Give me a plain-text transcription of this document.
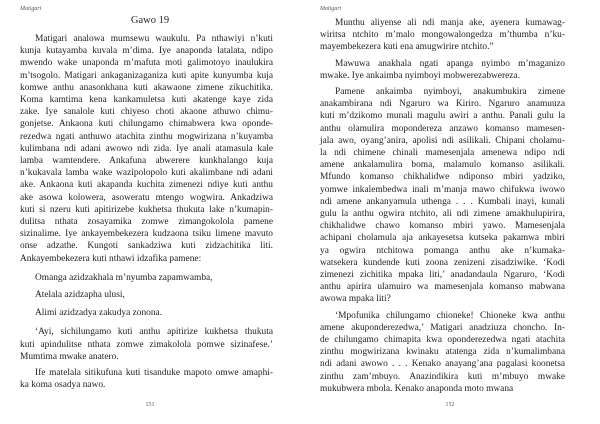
Matigari
Gawo 19
Matigari analowa mumsewu waukulu. Pa nthawiyi n’kuti
kunja kutayamba kuvala m’dima. Iye anaponda latalata, ndipo
mwendo wake unaponda m’mafuta moti galimotoyo inaulukira
m’tsogolo. Matigari ankaganizaganiza kuti apite kunyumba kuja
komwe anthu anasonkhana kuti akawaone zimene zikuchitika.
Koma kamtima kena kankamuletsa kuti akatenge kaye zida
zake. Iye sanalole kuti chiyeso choti akaone athuwo chimu-
gonjetse. Ankaona kuti chilungamo chimabwera kwa oponde-
rezedwa ngati anthuwo atachita zinthu mogwirizana n’kuyamba
kulimbana ndi adani awowo ndi zida. Iye anali atamasula kale
lamba wamtendere. Ankafuna abwerere kunkhalango kuja
n’kukavala lamba wake wazipolopolo kuti akalimbane ndi adani
ake. Ankaona kuti akapanda kuchita zimenezi ndiye kuti anthu
ake asowa kolowera, asoweratu mtengo wogwira. Ankadziwa
kuti si nzeru kuti apitirizebe kukhetsa thukuta lake n’kumapin-
dulitsa nthata zosayamika zomwe zimangokolola pamene
sizinalime. Iye ankayembekezera kudzaona tsiku limene mavuto
onse adzathe. Kungoti sankadziwa kuti zidzachitika liti.
Ankayembekezera kuti nthawi idzafika pamene:
Omanga azidzakhala m’nyumba zapamwamba,
Atelala azidzapha ulusi,
Alimi azidzadya zakudya zonona.
‘Ayi, sichilungamo kuti anthu apitirize kukhetsa thukuta
kuti apindulitse nthata zomwe zimakolola pomwe sizinafese.’
Mumtima mwake anatero.
Ife matelala sitikufuna kuti tisanduke mapoto omwe amaphi-
ka koma osadya nawo.
151
Matigari
Munthu aliyense ali ndi manja ake, ayenera kumawag-
wiritsa ntchito m’malo mongowalongedza m’thumba n’ku-
mayembekezera kuti ena amugwirire ntchito.”
Mawuwa anakhala ngati apanga nyimbo m’maganizo
mwake. Iye ankaimba nyimboyi mobwerezabwereza.
Pamene ankaimba nyimboyi, anakumbukira zimene
anakambirana ndi Ngaruro wa Kiriro. Ngaruro anamuuza
kuti m’dzikomo munali magulu awiri a anthu. Panali gulu la
anthu olamulira mopondereza anzawo komanso mamesen-
jala awo, oyang’anira, apolisi ndi asilikali. Chipani cholamu-
la ndi chimene chinali mamesenjala amenewa ndipo ndi
amene ankalamulira boma, malamulo komanso asilikali.
Mfundo komanso chikhalidwe ndiponso mbiri yadziko,
yomwe inkalembedwa inali m’manja mawo chifukwa iwowo
ndi amene ankanyamula uthenga . . . Kumbali inayi, kunali
gulu la anthu ogwira ntchito, ali ndi zimene amakhulupirira,
chikhalidwe chawo komanso mbiri yawo. Mamesenjala
achipani cholamula aja ankayesetsa kutseka pakamwa mbiri
ya ogwira ntchitowa pomanga anthu ake n’kumaka-
watsekera kundende kuti zoona zenizeni zisadziwike. ‘Kodi
zimenezi zichitika mpaka liti,’ anadandaula Ngaruro, ‘Kodi
anthu apirira ulamuiro wa mamesenjala komanso mabwana
awowa mpaka liti?
‘Mpofunika chilungamo chioneke! Chioneke kwa anthu
amene akuponderezedwa,’ Matigari anadziuza choncho. In-
de chilungamo chimapita kwa oponderezedwa ngati atachita
zinthu mogwirizana kwinaku atatenga zida n’kumalimbana
ndi adani awowo . . . Kenako anayang’ana pagalasi koonetsa
zinthu zam’mbuyo. Anazindikira kuti m’mbuyo mwake
mukubwera mbola. Kenako anaponda moto mwana
152
